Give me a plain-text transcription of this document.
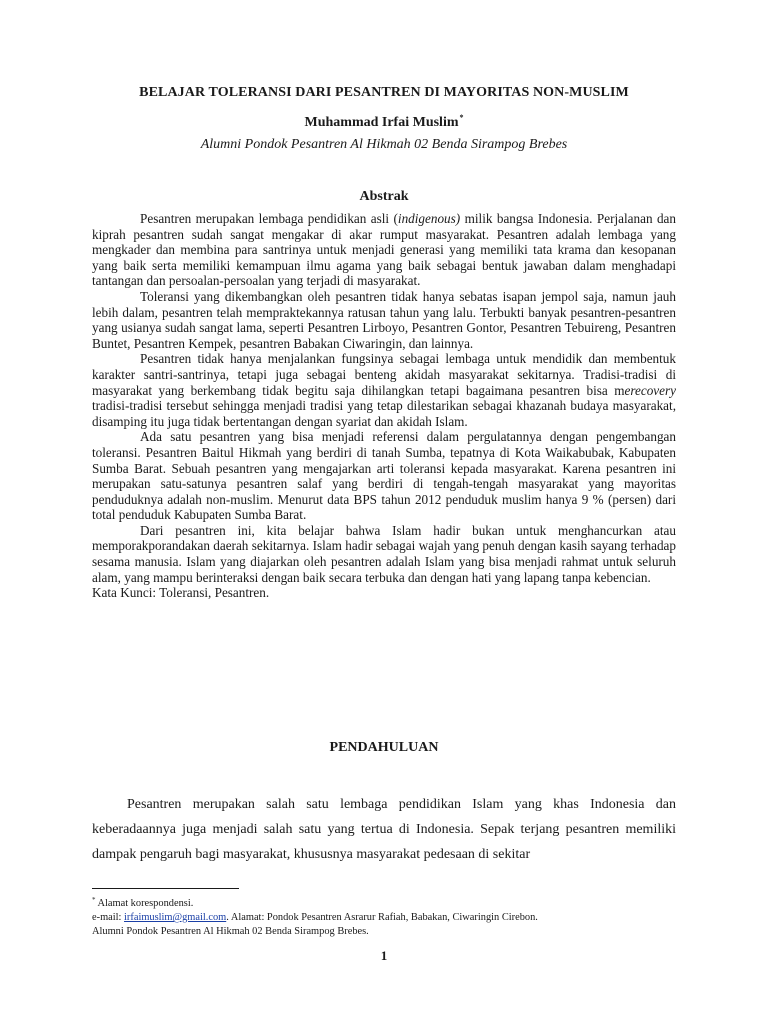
BELAJAR TOLERANSI DARI PESANTREN DI MAYORITAS NON-MUSLIM
Muhammad Irfai Muslim*
Alumni Pondok Pesantren Al Hikmah 02 Benda Sirampog Brebes
Abstrak

Pesantren merupakan lembaga pendidikan asli (indigenous) milik bangsa Indonesia. Perjalanan dan kiprah pesantren sudah sangat mengakar di akar rumput masyarakat. Pesantren adalah lembaga yang mengkader dan membina para santrinya untuk menjadi generasi yang memiliki tata krama dan kesopanan yang baik serta memiliki kemampuan ilmu agama yang baik sebagai bentuk jawaban dalam menghadapi tantangan dan persoalan-persoalan yang terjadi di masyarakat.

Toleransi yang dikembangkan oleh pesantren tidak hanya sebatas isapan jempol saja, namun jauh lebih dalam, pesantren telah mempraktekannya ratusan tahun yang lalu. Terbukti banyak pesantren-pesantren yang usianya sudah sangat lama, seperti Pesantren Lirboyo, Pesantren Gontor, Pesantren Tebuireng, Pesantren Buntet, Pesantren Kempek, pesantren Babakan Ciwaringin, dan lainnya.

Pesantren tidak hanya menjalankan fungsinya sebagai lembaga untuk mendidik dan membentuk karakter santri-santrinya, tetapi juga sebagai benteng akidah masyarakat sekitarnya. Tradisi-tradisi di masyarakat yang berkembang tidak begitu saja dihilangkan tetapi bagaimana pesantren bisa merecovery tradisi-tradisi tersebut sehingga menjadi tradisi yang tetap dilestarikan sebagai khazanah budaya masyarakat, disamping itu juga tidak bertentangan dengan syariat dan akidah Islam.

Ada satu pesantren yang bisa menjadi referensi dalam pergulatannya dengan pengembangan toleransi. Pesantren Baitul Hikmah yang berdiri di tanah Sumba, tepatnya di Kota Waikabubak, Kabupaten Sumba Barat. Sebuah pesantren yang mengajarkan arti toleransi kepada masyarakat. Karena pesantren ini merupakan satu-satunya pesantren salaf yang berdiri di tengah-tengah masyarakat yang mayoritas penduduknya adalah non-muslim. Menurut data BPS tahun 2012 penduduk muslim hanya 9 % (persen) dari total penduduk Kabupaten Sumba Barat.

Dari pesantren ini, kita belajar bahwa Islam hadir bukan untuk menghancurkan atau memporakporandakan daerah sekitarnya. Islam hadir sebagai wajah yang penuh dengan kasih sayang terhadap sesama manusia. Islam yang diajarkan oleh pesantren adalah Islam yang bisa menjadi rahmat untuk seluruh alam, yang mampu berinteraksi dengan baik secara terbuka dan dengan hati yang lapang tanpa kebencian.

Kata Kunci: Toleransi, Pesantren.

PENDAHULUAN

Pesantren merupakan salah satu lembaga pendidikan Islam yang khas Indonesia dan keberadaannya juga menjadi salah satu yang tertua di Indonesia. Sepak terjang pesantren memiliki dampak pengaruh bagi masyarakat, khususnya masyarakat pedesaan di sekitar

* Alamat korespondensi.
e-mail: irfaimuslim@gmail.com. Alamat: Pondok Pesantren Asrarur Rafiah, Babakan, Ciwaringin Cirebon.
Alumni Pondok Pesantren Al Hikmah 02 Benda Sirampog Brebes.
1
